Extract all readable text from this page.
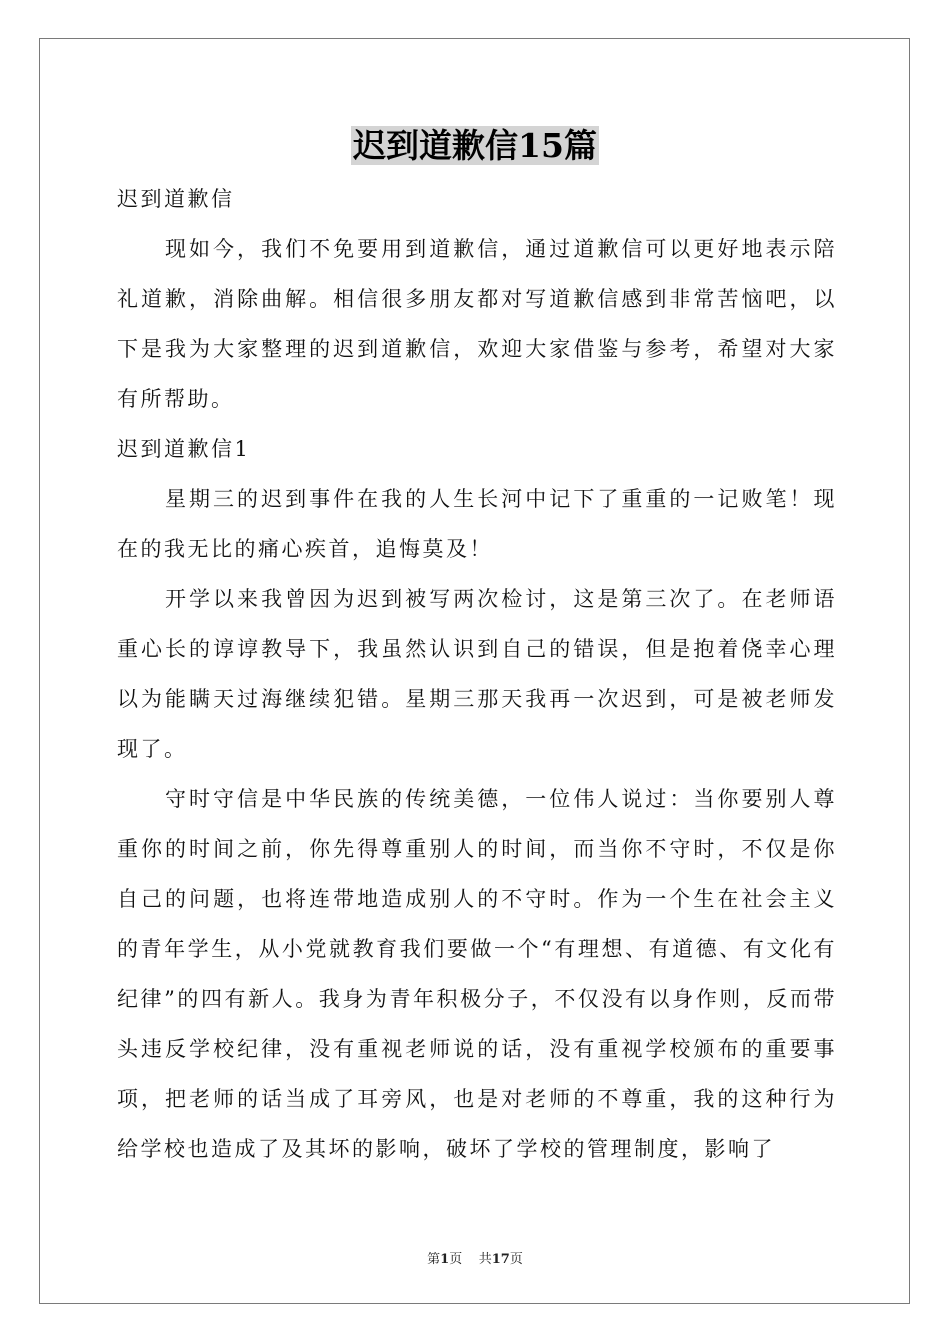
迟到道歉信15篇

迟到道歉信

现如今，我们不免要用到道歉信，通过道歉信可以更好地表示陪礼道歉，消除曲解。相信很多朋友都对写道歉信感到非常苦恼吧，以下是我为大家整理的迟到道歉信，欢迎大家借鉴与参考，希望对大家有所帮助。

迟到道歉信1

星期三的迟到事件在我的人生长河中记下了重重的一记败笔！现在的我无比的痛心疾首，追悔莫及！

开学以来我曾因为迟到被写两次检讨，这是第三次了。在老师语重心长的谆谆教导下，我虽然认识到自己的错误，但是抱着侥幸心理以为能瞒天过海继续犯错。星期三那天我再一次迟到，可是被老师发现了。

守时守信是中华民族的传统美德，一位伟人说过：当你要别人尊重你的时间之前，你先得尊重别人的时间，而当你不守时，不仅是你自己的问题，也将连带地造成别人的不守时。作为一个生在社会主义的青年学生，从小党就教育我们要做一个“有理想、有道德、有文化有纪律”的四有新人。我身为青年积极分子，不仅没有以身作则，反而带头违反学校纪律，没有重视老师说的话，没有重视学校颁布的重要事项，把老师的话当成了耳旁风，也是对老师的不尊重，我的这种行为给学校也造成了及其坏的影响，破坏了学校的管理制度，影响了

第1页 共17页
